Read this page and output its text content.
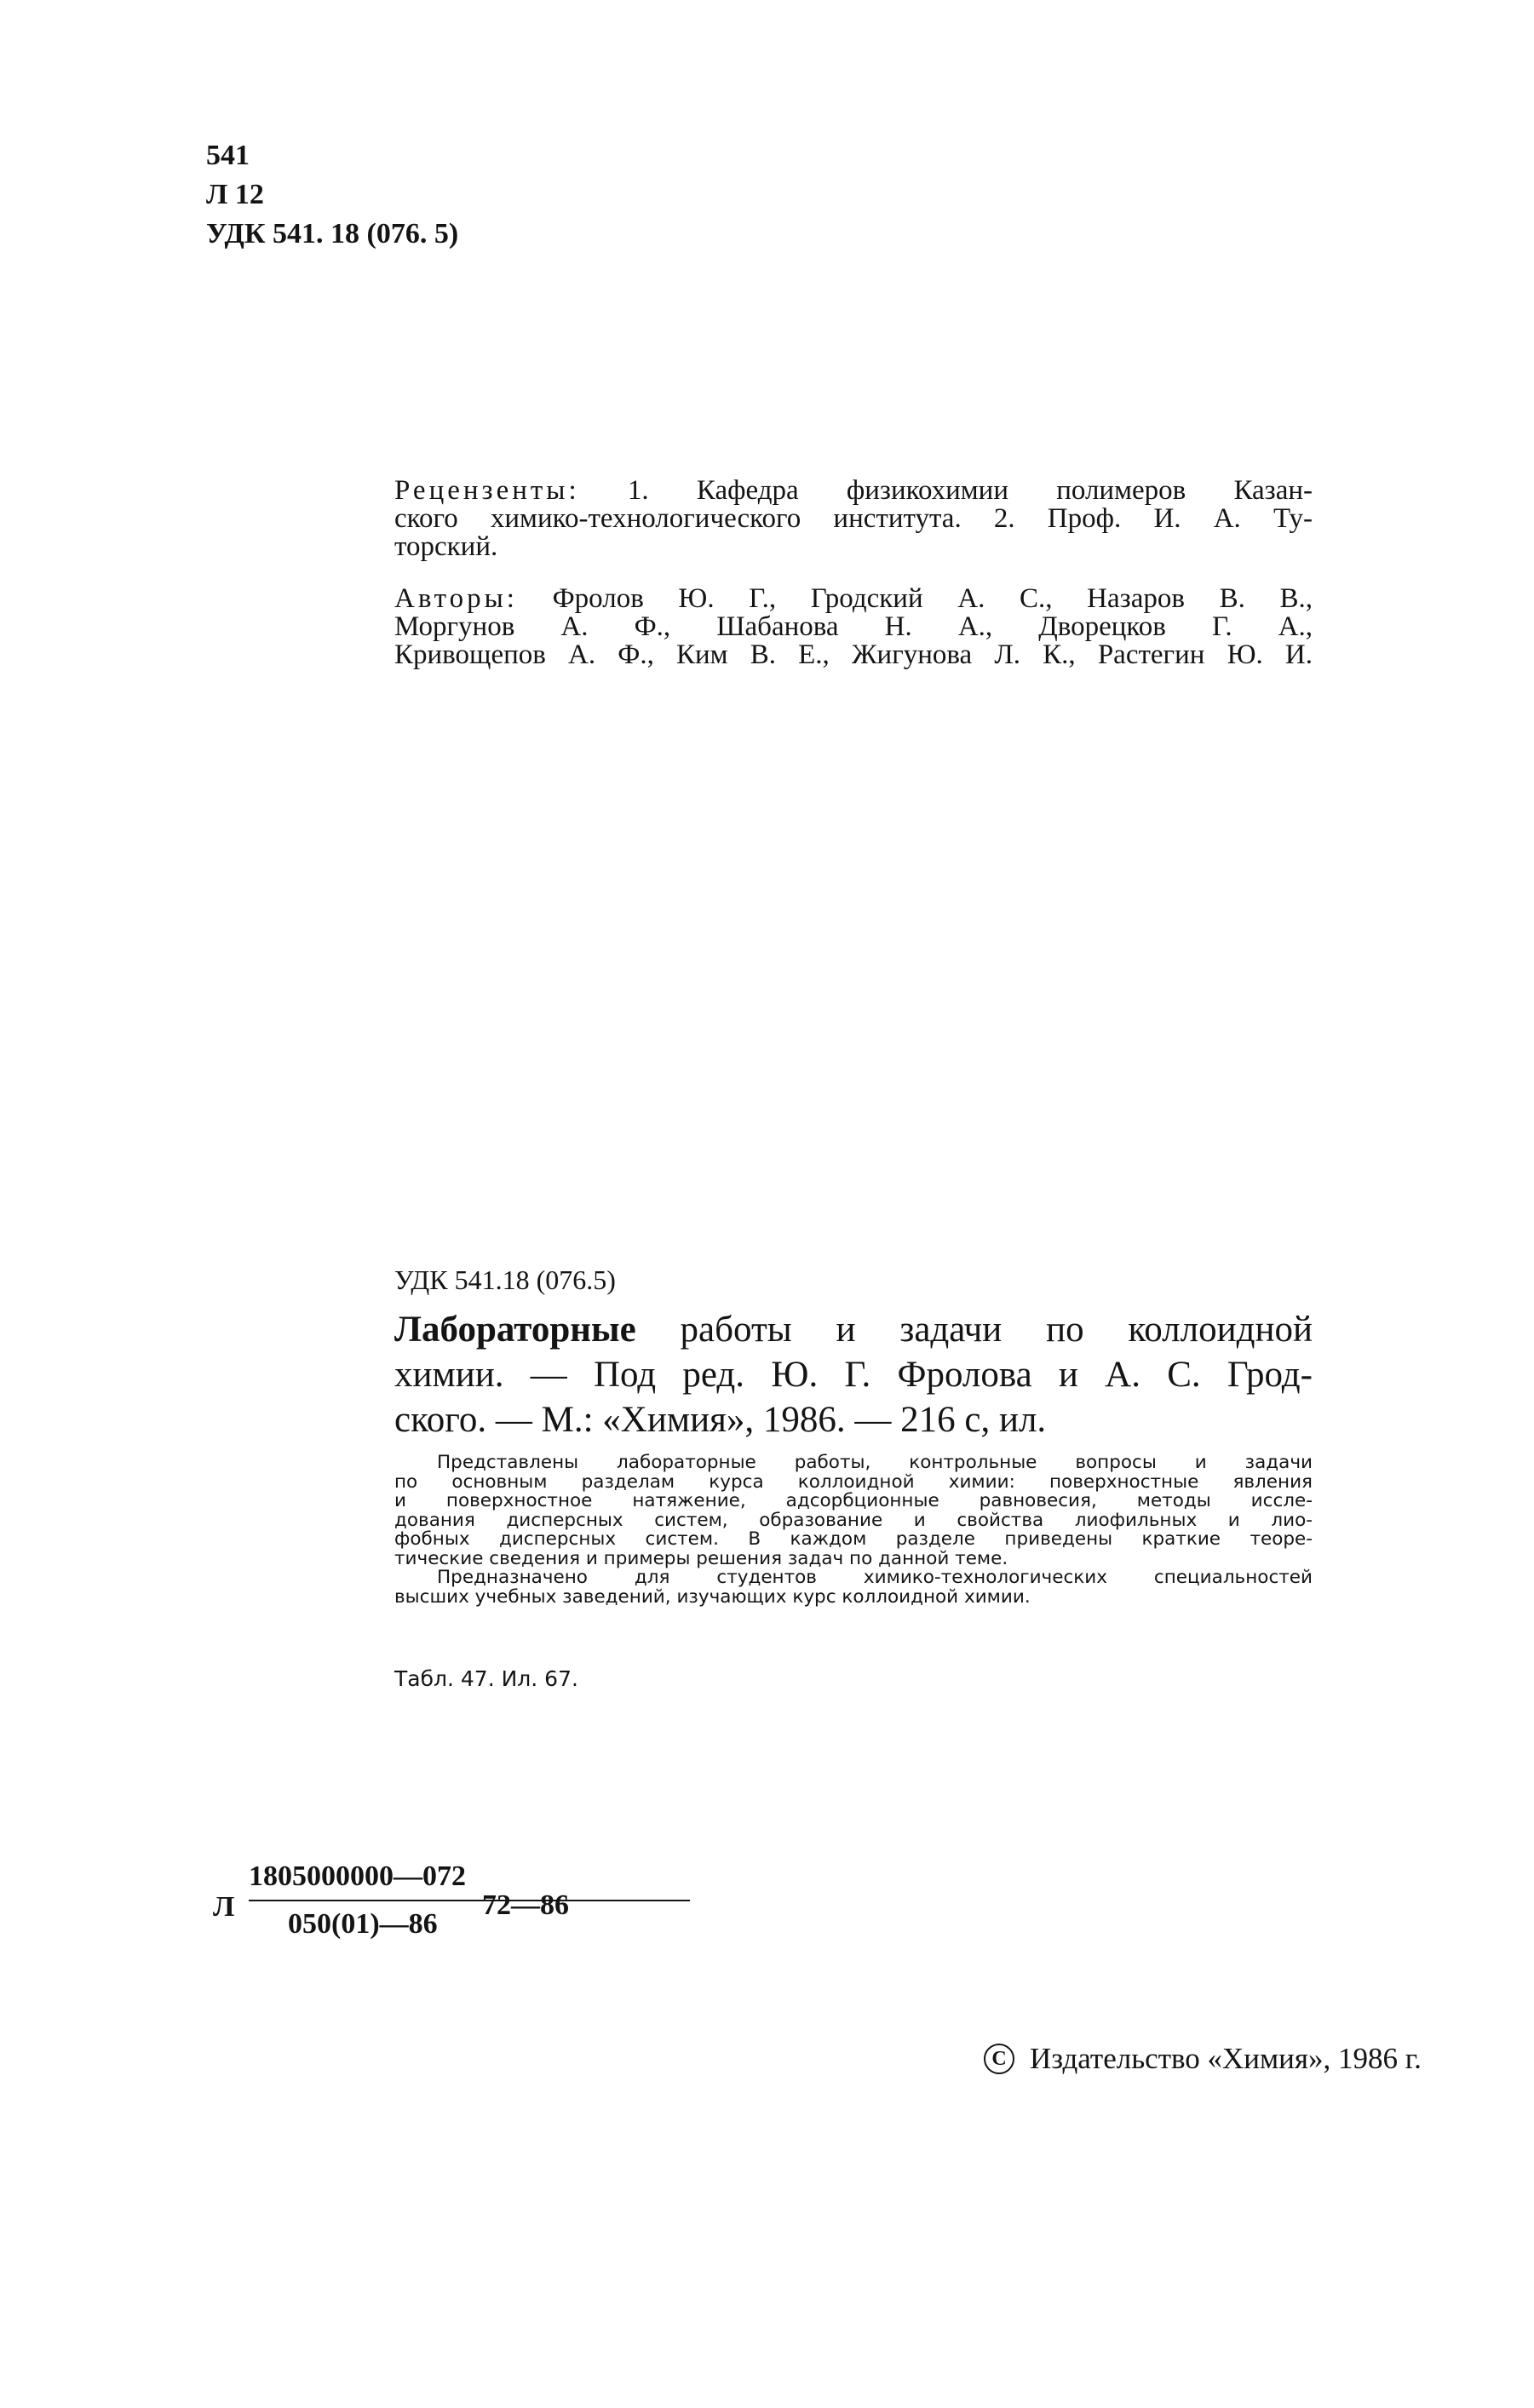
541
Л 12
УДК 541. 18 (076. 5)
Рецензенты: 1. Кафедра физикохимии полимеров Казан-
ского химико-технологического института. 2. Проф. И. А. Ту-
торский.
Авторы: Фролов Ю. Г., Гродский А. С., Назаров В. В.,
Моргунов А. Ф., Шабанова Н. А., Дворецков Г. А.,
Кривощепов А. Ф., Ким В. Е., Жигунова Л. К., Растегин Ю. И.
УДК 541.18 (076.5)
Лабораторные работы и задачи по коллоидной
химии. — Под ред. Ю. Г. Фролова и А. С. Грод-
ского. — М.: «Химия», 1986. — 216 с, ил.
Представлены лабораторные работы, контрольные вопросы и задачи
по основным разделам курса коллоидной химии: поверхностные явления
и поверхностное натяжение, адсорбционные равновесия, методы иссле-
дования дисперсных систем, образование и свойства лиофильных и лио-
фобных дисперсных систем. В каждом разделе приведены краткие теоре-
тические сведения и примеры решения задач по данной теме.
Предназначено для студентов химико-технологических специальностей
высших учебных заведений, изучающих курс коллоидной химии.
Табл. 47. Ил. 67.
Л
1805000000—072
050(01)—86
72—86
C Издательство «Химия», 1986 г.
